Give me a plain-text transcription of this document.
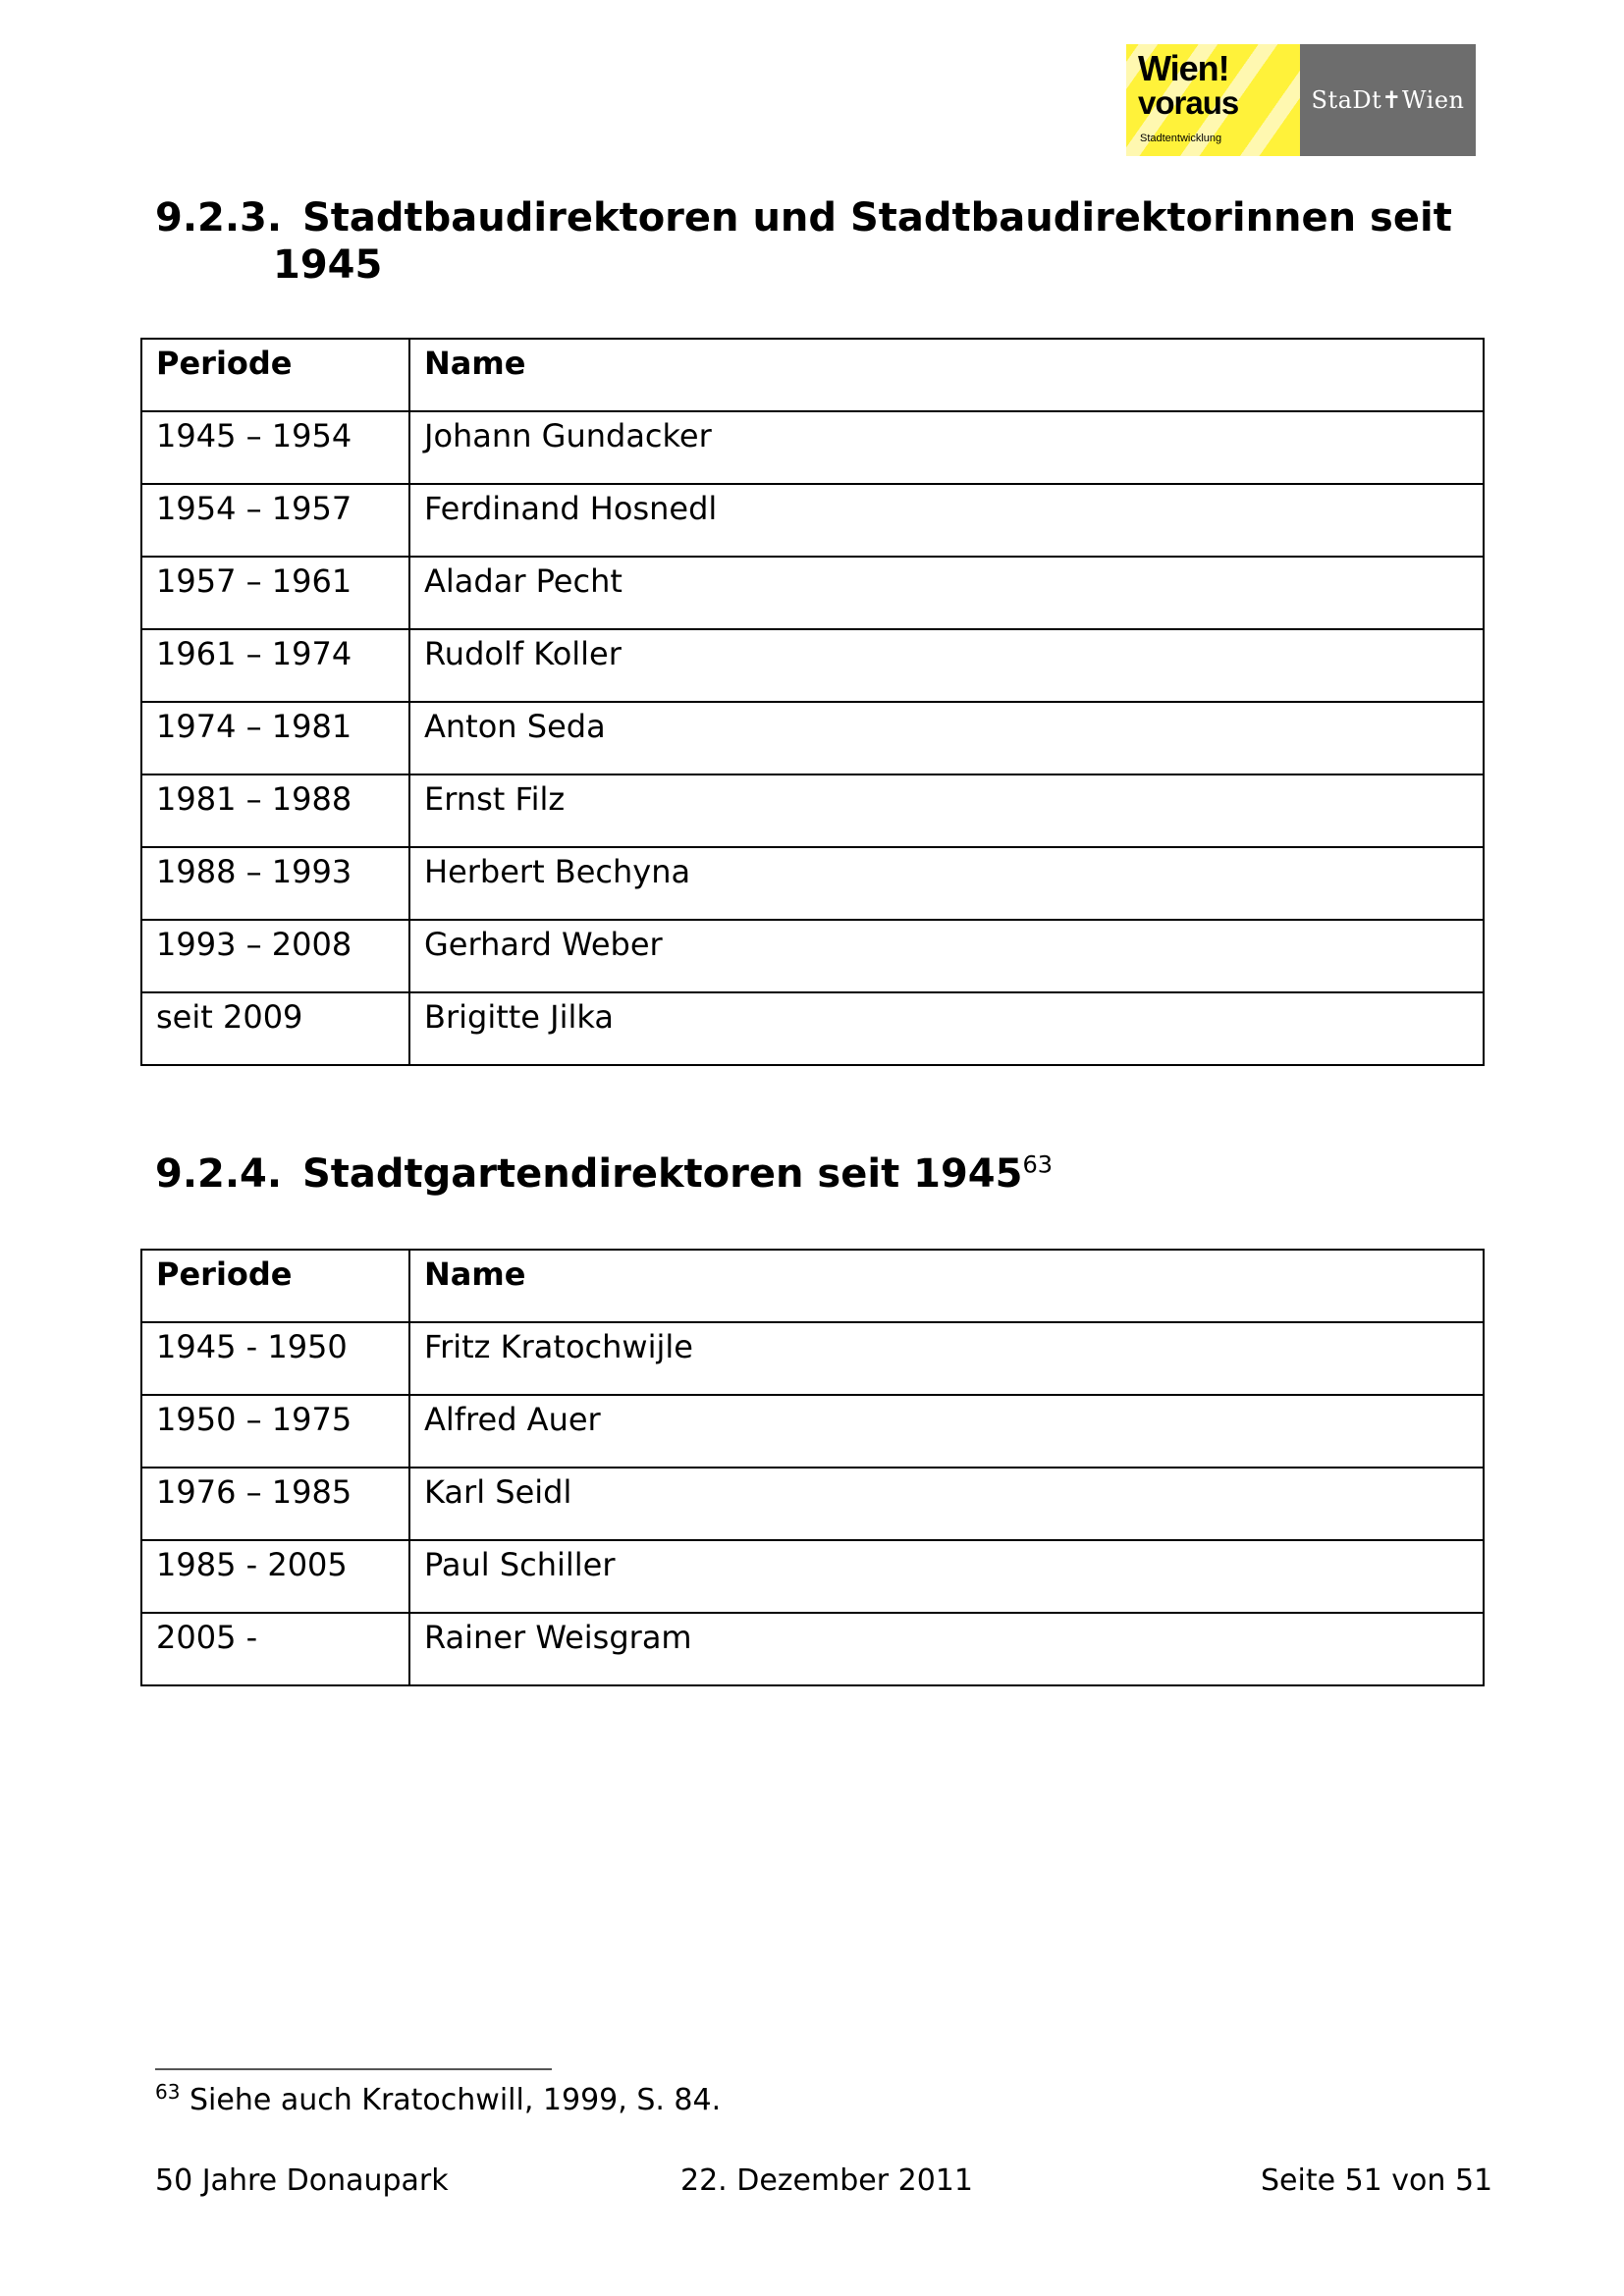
Wien!
voraus
Stadtentwicklung
StaDt✝Wien
9.2.3. Stadtbaudirektoren und Stadtbaudirektorinnen seit
1945
Periode	Name
1945 – 1954	Johann Gundacker
1954 – 1957	Ferdinand Hosnedl
1957 – 1961	Aladar Pecht
1961 – 1974	Rudolf Koller
1974 – 1981	Anton Seda
1981 – 1988	Ernst Filz
1988 – 1993	Herbert Bechyna
1993 – 2008	Gerhard Weber
seit 2009	Brigitte Jilka
9.2.4. Stadtgartendirektoren seit 1945$^{63}$
Periode	Name
1945 - 1950	Fritz Kratochwijle
1950 – 1975	Alfred Auer
1976 – 1985	Karl Seidl
1985 - 2005	Paul Schiller
2005 -	Rainer Weisgram
$^{63}$ Siehe auch Kratochwill, 1999, S. 84.
50 Jahre Donaupark	22. Dezember 2011	Seite 51 von 51
